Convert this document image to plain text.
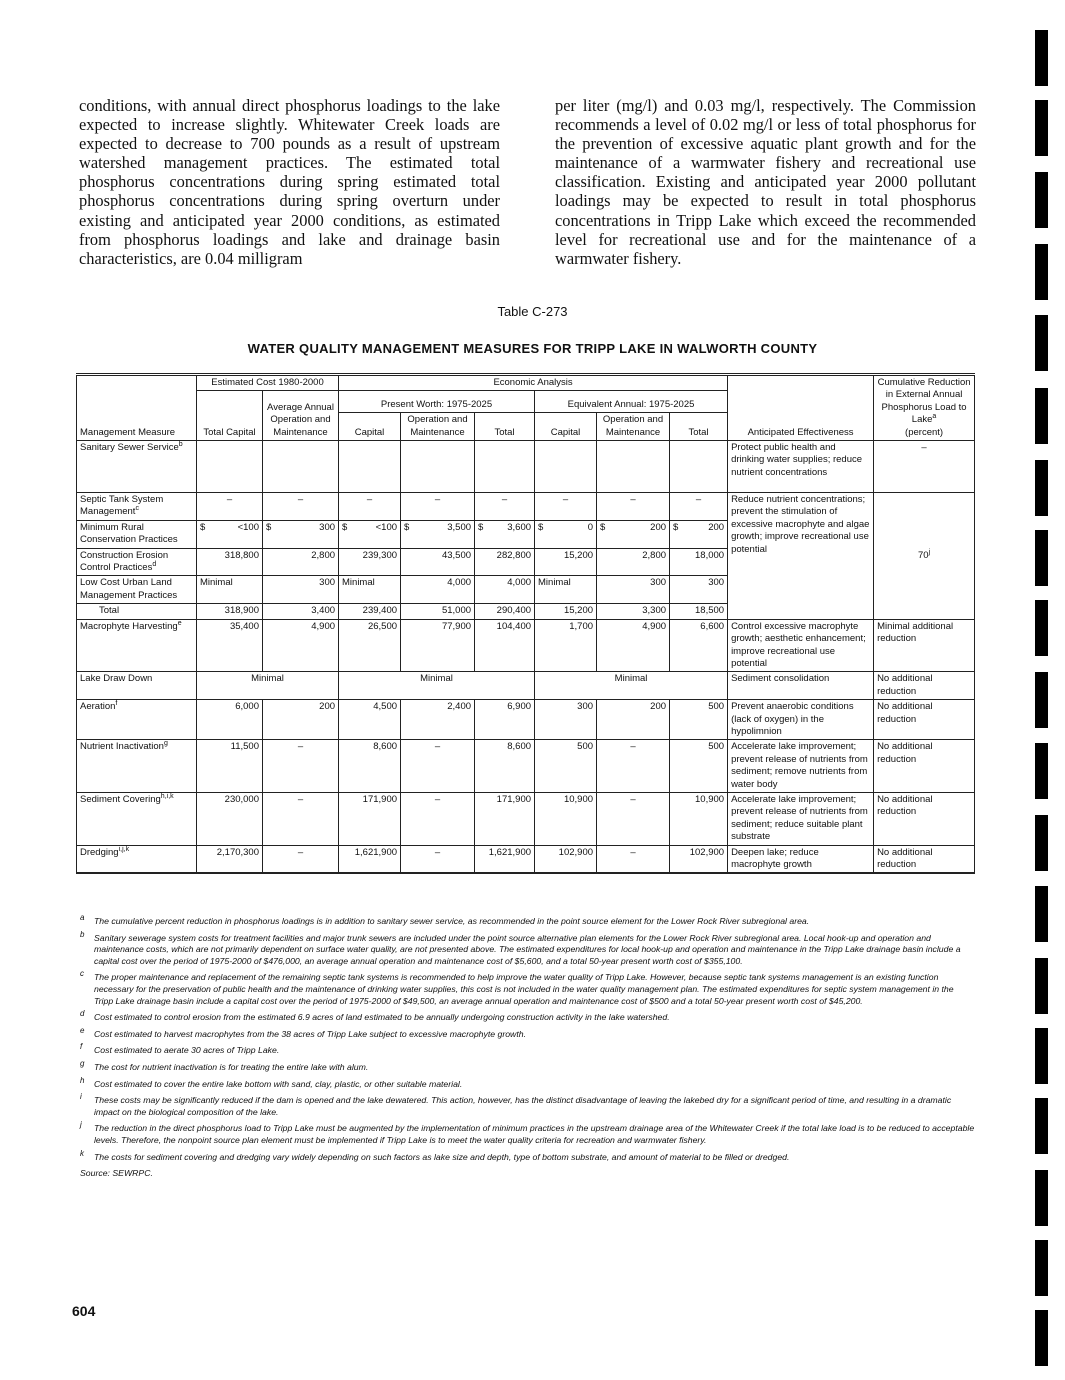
conditions, with annual direct phosphorus loadings to the lake expected to increase slightly. Whitewater Creek loads are expected to decrease to 700 pounds as a result of upstream watershed management practices. The estimated total phosphorus concentrations during spring estimated total phosphorus concentrations during spring overturn under existing and anticipated year 2000 conditions, as estimated from phosphorus loadings and lake and drainage basin characteristics, are 0.04 milligram
per liter (mg/l) and 0.03 mg/l, respectively. The Commission recommends a level of 0.02 mg/l or less of total phosphorus for the prevention of excessive aquatic plant growth and for the maintenance of a warmwater fishery and recreational use classification. Existing and anticipated year 2000 pollutant loadings may be expected to result in total phosphorus concentrations in Tripp Lake which exceed the recommended level for recreational use and for the maintenance of a warmwater fishery.
Table C-273
WATER QUALITY MANAGEMENT MEASURES FOR TRIPP LAKE IN WALWORTH COUNTY
Management Measure	Estimated Cost 1980-2000		Economic Analysis						Anticipated Effectiveness	Cumulative Reduction in External Annual Phosphorus Load to Lake$^a$
(percent)
	Total Capital	Average Annual Operation and Maintenance	Present Worth: 1975-2025			Equivalent Annual: 1975-2025				
			Capital	Operation and Maintenance	Total	Capital	Operation and Maintenance	Total		
Sanitary Sewer Service$^b$									Protect public health and drinking water supplies; reduce nutrient concentrations	–
Septic Tank System Management$^c$	–	–	–	–	–	–	–	–	Reduce nutrient concentrations; prevent the stimulation of excessive macrophyte and algae growth; improve recreational use potential	70$^j$
Minimum Rural Conservation Practices	$ <100	$ 300	$ <100	$ 3,500	$ 3,600	$ 0	$ 200	$ 200		

Construction Erosion Control Practices$^d$	318,800	2,800	239,300	43,500	282,800	15,200	2,800	18,000		
Low Cost Urban Land Management Practices	Minimal	300	Minimal	4,000	4,000	Minimal	300	300		
Total	318,900	3,400	239,400	51,000	290,400	15,200	3,300	18,500		
Macrophyte Harvesting$^e$	35,400	4,900	26,500	77,900	104,400	1,700	4,900	6,600	Control excessive macrophyte growth; aesthetic enhancement; improve recreational use potential	Minimal additional reduction
Lake Draw Down	Minimal		Minimal			Minimal			Sediment consolidation	No additional reduction
Aeration$^f$	6,000	200	4,500	2,400	6,900	300	200	500	Prevent anaerobic conditions (lack of oxygen) in the hypolimnion	No additional reduction
Nutrient Inactivation$^g$	11,500	–	8,600	–	8,600	500	–	500	Accelerate lake improvement; prevent release of nutrients from sediment; remove nutrients from water body	No additional reduction
Sediment Covering$^{h,i,k}$	230,000	–	171,900	–	171,900	10,900	–	10,900	Accelerate lake improvement; prevent release of nutrients from sediment; reduce suitable plant substrate	No additional reduction
Dredging$^{i,j,k}$	2,170,300	–	1,621,900	–	1,621,900	102,900	–	102,900	Deepen lake; reduce macrophyte growth	No additional reduction
a The cumulative percent reduction in phosphorus loadings is in addition to sanitary sewer service, as recommended in the point source element for the Lower Rock River subregional area.
b Sanitary sewerage system costs for treatment facilities and major trunk sewers are included under the point source alternative plan elements for the Lower Rock River subregional area. Local hook-up and operation and maintenance costs, which are not primarily dependent on surface water quality, are not presented above. The estimated expenditures for local hook-up and operation and maintenance in the Tripp Lake drainage basin include a capital cost over the period of 1975-2000 of $476,000, an average annual operation and maintenance cost of $5,600, and a total 50-year present worth cost of $355,100.
c The proper maintenance and replacement of the remaining septic tank systems is recommended to help improve the water quality of Tripp Lake. However, because septic tank systems management is an existing function necessary for the preservation of public health and the maintenance of drinking water supplies, this cost is not included in the water quality management plan. The estimated expenditures for septic system management in the Tripp Lake drainage basin include a capital cost over the period of 1975-2000 of $49,500, an average annual operation and maintenance cost of $500 and a total 50-year present worth cost of $45,200.
d Cost estimated to control erosion from the estimated 6.9 acres of land estimated to be annually undergoing construction activity in the lake watershed.
e Cost estimated to harvest macrophytes from the 38 acres of Tripp Lake subject to excessive macrophyte growth.
f Cost estimated to aerate 30 acres of Tripp Lake.
g The cost for nutrient inactivation is for treating the entire lake with alum.
h Cost estimated to cover the entire lake bottom with sand, clay, plastic, or other suitable material.
i These costs may be significantly reduced if the dam is opened and the lake dewatered. This action, however, has the distinct disadvantage of leaving the lakebed dry for a significant period of time, and resulting in a dramatic impact on the biological composition of the lake.
j The reduction in the direct phosphorus load to Tripp Lake must be augmented by the implementation of minimum practices in the upstream drainage area of the Whitewater Creek if the total lake load is to be reduced to acceptable levels. Therefore, the nonpoint source plan element must be implemented if Tripp Lake is to meet the water quality criteria for recreation and warmwater fishery.
k The costs for sediment covering and dredging vary widely depending on such factors as lake size and depth, type of bottom substrate, and amount of material to be filled or dredged.
Source: SEWRPC.
604
